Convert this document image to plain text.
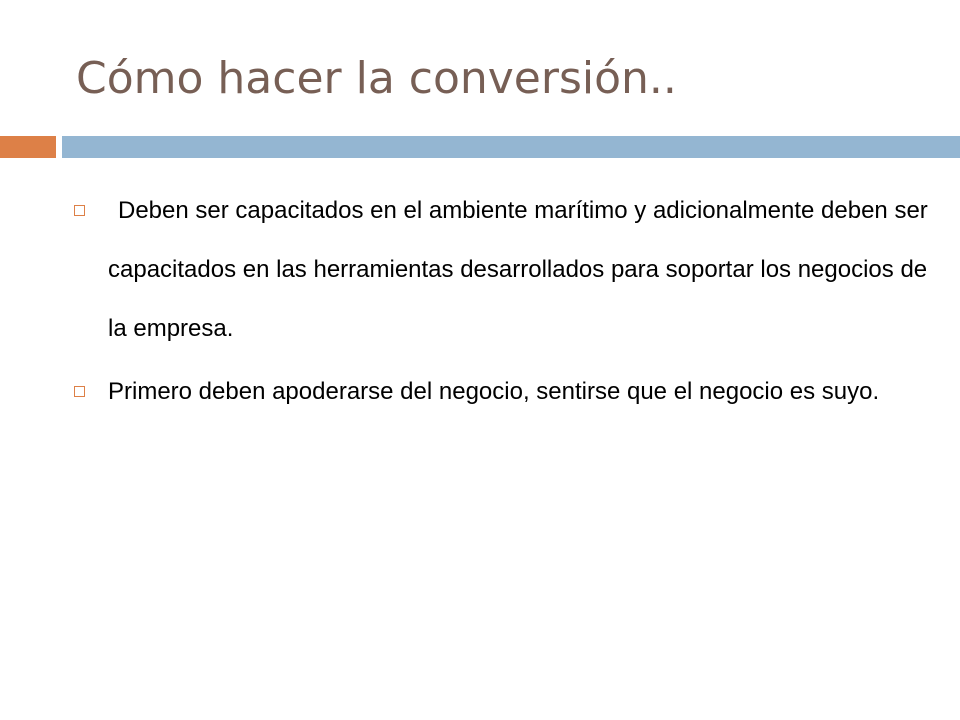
Cómo hacer la conversión..
Deben ser capacitados en el ambiente marítimo y adicionalmente deben ser capacitados en las herramientas desarrollados para soportar los negocios de la empresa.
Primero deben apoderarse del negocio, sentirse que el negocio es suyo.
